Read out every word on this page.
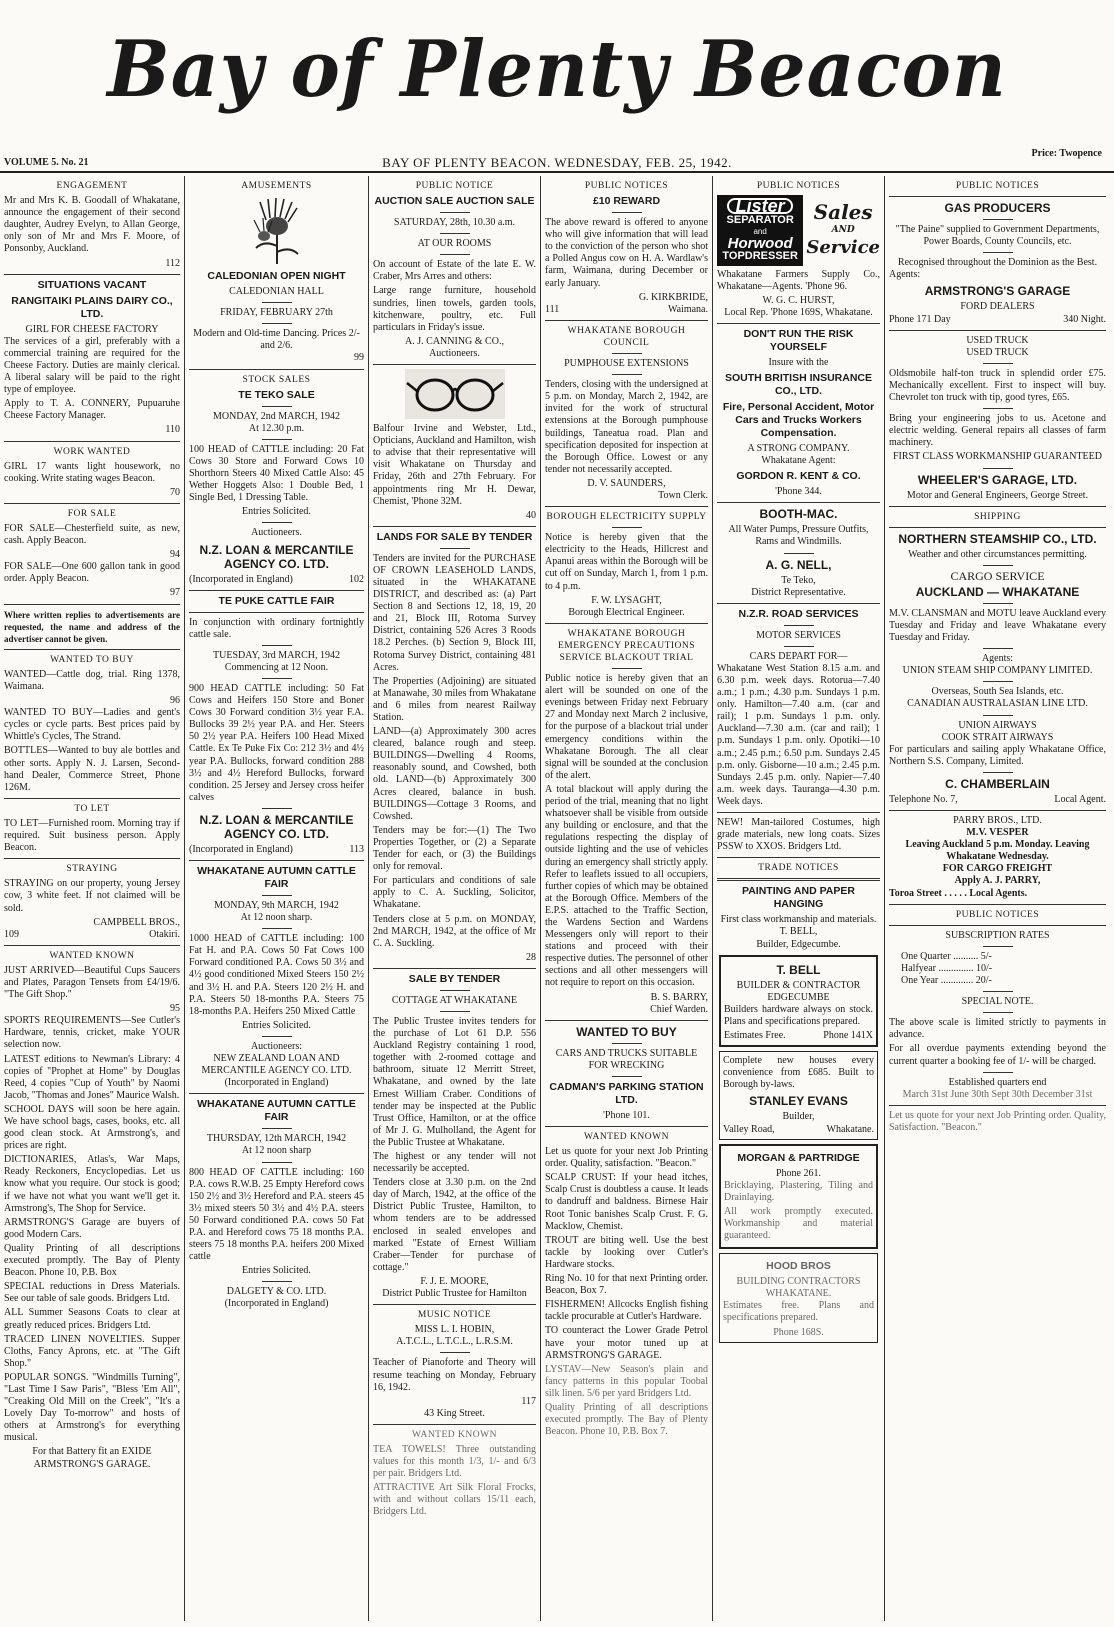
Bay of Plenty Beacon
Price: Twopence
VOLUME 5. No. 21	BAY OF PLENTY BEACON. WEDNESDAY, FEB. 25, 1942.
ENGAGEMENT
Mr and Mrs K. B. Goodall of Whakatane, announce the engagement of their second daughter, Audrey Evelyn, to Allan George, only son of Mr and Mrs F. Moore, of Ponsonby, Auckland.
112
SITUATIONS VACANT
RANGITAIKI PLAINS DAIRY CO., LTD.
GIRL FOR CHEESE FACTORY
The services of a girl, preferably with a commercial training are required for the Cheese Factory. Duties are mainly clerical. A liberal salary will be paid to the right type of employee.
Apply to T. A. CONNERY, Pupuaruhe Cheese Factory Manager.
110
WORK WANTED
GIRL 17 wants light housework, no cooking. Write stating wages Beacon.
70
FOR SALE
FOR SALE—Chesterfield suite, as new, cash. Apply Beacon.
94
FOR SALE—One 600 gallon tank in good order. Apply Beacon.
97
Where written replies to advertisements are requested, the name and address of the advertiser cannot be given.
WANTED TO BUY
WANTED—Cattle dog, trial. Ring 1378, Waimana.
96
WANTED TO BUY—Ladies and gent's cycles or cycle parts. Best prices paid by Whittle's Cycles, The Strand.
BOTTLES—Wanted to buy ale bottles and other sorts. Apply N. J. Larsen, Second-hand Dealer, Commerce Street, Phone 126M.
TO LET
TO LET—Furnished room. Morning tray if required. Suit business person. Apply Beacon.
STRAYING
STRAYING on our property, young Jersey cow, 3 white feet. If not claimed will be sold.
CAMPBELL BROS.,
109	Otakiri.
WANTED KNOWN
JUST ARRIVED—Beautiful Cups Saucers and Plates, Paragon Tensets from £4/19/6. "The Gift Shop."
95
SPORTS REQUIREMENTS—See Cutler's Hardware, tennis, cricket, make YOUR selection now.
LATEST editions to Newman's Library: 4 copies of "Prophet at Home" by Douglas Reed, 4 copies "Cup of Youth" by Naomi Jacob, "Thomas and Jones" Maurice Walsh.
SCHOOL DAYS will soon be here again. We have school bags, cases, books, etc. all good clean stock. At Armstrong's, and prices are right.
DICTIONARIES, Atlas's, War Maps, Ready Reckoners, Encyclopedias. Let us know what you require. Our stock is good; if we have not what you want we'll get it. Armstrong's, The Shop for Service.
ARMSTRONG'S Garage are buyers of good Modern Cars.
Quality Printing of all descriptions executed promptly. The Bay of Plenty Beacon. Phone 10, P.B. Box
SPECIAL reductions in Dress Materials. See our table of sale goods. Bridgers Ltd.
ALL Summer Seasons Coats to clear at greatly reduced prices. Bridgers Ltd.
TRACED LINEN NOVELTIES. Supper Cloths, Fancy Aprons, etc. at "The Gift Shop."
POPULAR SONGS. "Windmills Turning", "Last Time I Saw Paris", "Bless 'Em All", "Creaking Old Mill on the Creek", "It's a Lovely Day To-morrow" and hosts of others at Armstrong's for everything musical.
For that Battery fit an EXIDE ARMSTRONG'S GARAGE.
AMUSEMENTS
CALEDONIAN OPEN NIGHT
CALEDONIAN HALL
FRIDAY, FEBRUARY 27th
Modern and Old-time Dancing. Prices 2/- and 2/6.
99
STOCK SALES
TE TEKO SALE
MONDAY, 2nd MARCH, 1942
At 12.30 p.m.
100 HEAD of CATTLE including: 20 Fat Cows 30 Store and Forward Cows 10 Shorthorn Steers 40 Mixed Cattle Also: 45 Wether Hoggets Also: 1 Double Bed, 1 Single Bed, 1 Dressing Table.
Entries Solicited.
Auctioneers.
N.Z. LOAN & MERCANTILE AGENCY CO. LTD.
(Incorporated in England)	102
TE PUKE CATTLE FAIR
In conjunction with ordinary fortnightly cattle sale.
TUESDAY, 3rd MARCH, 1942
Commencing at 12 Noon.
900 HEAD CATTLE including: 50 Fat Cows and Heifers 150 Store and Boner Cows 30 Forward condition 3½ year F.A. Bullocks 39 2½ year P.A. and Her. Steers 50 2½ year P.A. Heifers 100 Head Mixed Cattle. Ex Te Puke Fix Co: 212 3½ and 4½ year P.A. Bullocks, forward condition 288 3½ and 4½ Hereford Bullocks, forward condition. 25 Jersey and Jersey cross heifer calves
N.Z. LOAN & MERCANTILE AGENCY CO. LTD.
(Incorporated in England)	113
WHAKATANE AUTUMN CATTLE FAIR
MONDAY, 9th MARCH, 1942
At 12 noon sharp.
1000 HEAD of CATTLE including: 100 Fat H. and P.A. Cows 50 Fat Cows 100 Forward conditioned P.A. Cows 50 3½ and 4½ good conditioned Mixed Steers 150 2½ and 3½ H. and P.A. Steers 120 2½ H. and P.A. Steers 50 18-months P.A. Steers 75 18-months P.A. Heifers 250 Mixed Cattle
Entries Solicited.
Auctioneers:
NEW ZEALAND LOAN AND MERCANTILE AGENCY CO. LTD.
(Incorporated in England)
WHAKATANE AUTUMN CATTLE FAIR
THURSDAY, 12th MARCH, 1942
At 12 noon sharp
800 HEAD OF CATTLE including: 160 P.A. cows R.W.B. 25 Empty Hereford cows 150 2½ and 3½ Hereford and P.A. steers 45 3½ mixed steers 50 3½ and 4½ P.A. steers 50 Forward conditioned P.A. cows 50 Fat P.A. and Hereford cows 75 18 months P.A. steers 75 18 months P.A. heifers 200 Mixed cattle
Entries Solicited.
DALGETY & CO. LTD.
(Incorporated in England)
PUBLIC NOTICE
AUCTION SALE AUCTION SALE
SATURDAY, 28th, 10.30 a.m.
AT OUR ROOMS
On account of Estate of the late E. W. Craber, Mrs Arres and others:
Large range furniture, household sundries, linen towels, garden tools, kitchenware, poultry, etc. Full particulars in Friday's issue.
A. J. CANNING & CO.,
Auctioneers.
Balfour Irvine and Webster, Ltd., Opticians, Auckland and Hamilton, wish to advise that their representative will visit Whakatane on Thursday and Friday, 26th and 27th February. For appointments ring Mr H. Dewar, Chemist, 'Phone 32M.
40
LANDS FOR SALE BY TENDER
Tenders are invited for the PURCHASE OF CROWN LEASEHOLD LANDS, situated in the WHAKATANE DISTRICT, and described as: (a) Part Section 8 and Sections 12, 18, 19, 20 and 21, Block III, Rotoma Survey District, containing 526 Acres 3 Roods 18.2 Perches. (b) Section 9, Block III, Rotoma Survey District, containing 481 Acres.
The Properties (Adjoining) are situated at Manawahe, 30 miles from Whakatane and 6 miles from nearest Railway Station.
LAND—(a) Approximately 300 acres cleared, balance rough and steep. BUILDINGS—Dwelling 4 Rooms, reasonably sound, and Cowshed, both old. LAND—(b) Approximately 300 Acres cleared, balance in bush. BUILDINGS—Cottage 3 Rooms, and Cowshed.
Tenders may be for:—(1) The Two Properties Together, or (2) a Separate Tender for each, or (3) the Buildings only for removal.
For particulars and conditions of sale apply to C. A. Suckling, Solicitor, Whakatane.
Tenders close at 5 p.m. on MONDAY, 2nd MARCH, 1942, at the office of Mr C. A. Suckling.
28
SALE BY TENDER
COTTAGE AT WHAKATANE
The Public Trustee invites tenders for the purchase of Lot 61 D.P. 556 Auckland Registry containing 1 rood, together with 2-roomed cottage and bathroom, situate 12 Merritt Street, Whakatane, and owned by the late Ernest William Craber. Conditions of tender may be inspected at the Public Trust Office, Hamilton, or at the office of Mr J. G. Mulholland, the Agent for the Public Trustee at Whakatane.
The highest or any tender will not necessarily be accepted.
Tenders close at 3.30 p.m. on the 2nd day of March, 1942, at the office of the District Public Trustee, Hamilton, to whom tenders are to be addressed enclosed in sealed envelopes and marked "Estate of Ernest William Craber—Tender for purchase of cottage."
F. J. E. MOORE,
District Public Trustee for Hamilton
MUSIC NOTICE
MISS L. I. HOBIN,
A.T.C.L., L.T.C.L., L.R.S.M.
Teacher of Pianoforte and Theory will resume teaching on Monday, February 16, 1942.
117
43 King Street.
WANTED KNOWN
TEA TOWELS! Three outstanding values for this month 1/3, 1/- and 6/3 per pair. Bridgers Ltd.
ATTRACTIVE Art Silk Floral Frocks, with and without collars 15/11 each, Bridgers Ltd.
PUBLIC NOTICES
£10 REWARD
The above reward is offered to anyone who will give information that will lead to the conviction of the person who shot a Polled Angus cow on H. A. Wardlaw's farm, Waimana, during December or early January.
G. KIRKBRIDE,
111	Waimana.
WHAKATANE BOROUGH COUNCIL
PUMPHOUSE EXTENSIONS
Tenders, closing with the undersigned at 5 p.m. on Monday, March 2, 1942, are invited for the work of structural extensions at the Borough pumphouse buildings, Taneatua road. Plan and specification deposited for inspection at the Borough Office. Lowest or any tender not necessarily accepted.
D. V. SAUNDERS,
Town Clerk.
BOROUGH ELECTRICITY SUPPLY
Notice is hereby given that the electricity to the Heads, Hillcrest and Apanui areas within the Borough will be cut off on Sunday, March 1, from 1 p.m. to 4 p.m.
F. W. LYSAGHT,
Borough Electrical Engineer.
WHAKATANE BOROUGH EMERGENCY PRECAUTIONS SERVICE BLACKOUT TRIAL
Public notice is hereby given that an alert will be sounded on one of the evenings between Friday next February 27 and Monday next March 2 inclusive, for the purpose of a blackout trial under emergency conditions within the Whakatane Borough. The all clear signal will be sounded at the conclusion of the alert.
A total blackout will apply during the period of the trial, meaning that no light whatsoever shall be visible from outside any building or enclosure, and that the regulations respecting the display of outside lighting and the use of vehicles during an emergency shall strictly apply. Refer to leaflets issued to all occupiers, further copies of which may be obtained at the Borough Office. Members of the E.P.S. attached to the Traffic Section, the Wardens Section and Wardens Messengers only will report to their stations and proceed with their respective duties. The personnel of other sections and all other messengers will not require to report on this occasion.
B. S. BARRY,
Chief Warden.
WANTED TO BUY
CARS AND TRUCKS SUITABLE FOR WRECKING
CADMAN'S PARKING STATION LTD.
'Phone 101.
WANTED KNOWN
Let us quote for your next Job Printing order. Quality, satisfaction. "Beacon."
SCALP CRUST: If your head itches, Scalp Crust is doubtless a cause. It leads to dandruff and baldness. Birnese Hair Root Tonic banishes Scalp Crust. F. G. Macklow, Chemist.
TROUT are biting well. Use the best tackle by looking over Cutler's Hardware stocks.
Ring No. 10 for that next Printing order. Beacon, Box 7.
FISHERMEN! Allcocks English fishing tackle procurable at Cutler's Hardware.
TO counteract the Lower Grade Petrol have your motor tuned up at ARMSTRONG'S GARAGE.
LYSTAV—New Season's plain and fancy patterns in this popular Toobal silk linen. 5/6 per yard Bridgers Ltd.
Quality Printing of all descriptions executed promptly. The Bay of Plenty Beacon. Phone 10, P.B. Box 7.
PUBLIC NOTICES
Lister
SEPARATOR
and
Horwood
TOPDRESSER
Sales
AND
Service
Whakatane Farmers Supply Co., Whakatane—Agents. 'Phone 96.
W. G. C. HURST,
Local Rep. 'Phone 169S, Whakatane.
DON'T RUN THE RISK YOURSELF
Insure with the
SOUTH BRITISH INSURANCE CO., LTD.
Fire, Personal Accident, Motor Cars and Trucks Workers Compensation.
A STRONG COMPANY.
Whakatane Agent:
GORDON R. KENT & CO.
'Phone 344.
BOOTH-MAC.
All Water Pumps, Pressure Outfits, Rams and Windmills.
A. G. NELL,
Te Teko,
District Representative.
N.Z.R. ROAD SERVICES
MOTOR SERVICES
CARS DEPART FOR—
Whakatane West Station 8.15 a.m. and 6.30 p.m. week days. Rotorua—7.40 a.m.; 1 p.m.; 4.30 p.m. Sundays 1 p.m. only. Hamilton—7.40 a.m. (car and rail); 1 p.m. Sundays 1 p.m. only. Auckland—7.30 a.m. (car and rail); 1 p.m. Sundays 1 p.m. only. Opotiki—10 a.m.; 2.45 p.m.; 6.50 p.m. Sundays 2.45 p.m. only. Gisborne—10 a.m.; 2.45 p.m. Sundays 2.45 p.m. only. Napier—7.40 a.m. week days. Tauranga—4.30 p.m. Week days.
NEW! Man-tailored Costumes, high grade materials, new long coats. Sizes PSSW to XXOS. Bridgers Ltd.
TRADE NOTICES
PAINTING AND PAPER HANGING
First class workmanship and materials.
T. BELL,
Builder, Edgecumbe.
T. BELL
BUILDER & CONTRACTOR
EDGECUMBE
Builders hardware always on stock. Plans and specifications prepared.
Estimates Free.	Phone 141X
Complete new houses every convenience from £685. Built to Borough by-laws.
STANLEY EVANS
Builder,
Valley Road,	Whakatane.
MORGAN & PARTRIDGE
Phone 261.
Bricklaying, Plastering, Tiling and Drainlaying.
All work promptly executed. Workmanship and material guaranteed.
HOOD BROS
BUILDING CONTRACTORS
WHAKATANE.
Estimates free. Plans and specifications prepared.
Phone 168S.
PUBLIC NOTICES
GAS PRODUCERS
"The Paine" supplied to Government Departments, Power Boards, County Councils, etc.
Recognised throughout the Dominion as the Best.
Agents:
ARMSTRONG'S GARAGE
FORD DEALERS
Phone 171 Day	340 Night.
USED TRUCK
USED TRUCK
Oldsmobile half-ton truck in splendid order £75. Mechanically excellent. First to inspect will buy. Chevrolet ton truck with tip, good tyres, £65.
Bring your engineering jobs to us. Acetone and electric welding. General repairs all classes of farm machinery.
FIRST CLASS WORKMANSHIP GUARANTEED
WHEELER'S GARAGE, LTD.
Motor and General Engineers, George Street.
SHIPPING
NORTHERN STEAMSHIP CO., LTD.
Weather and other circumstances permitting.
CARGO SERVICE
AUCKLAND — WHAKATANE
M.V. CLANSMAN and MOTU leave Auckland every Tuesday and Friday and leave Whakatane every Tuesday and Friday.
Agents:
UNION STEAM SHIP COMPANY LIMITED.
Overseas, South Sea Islands, etc.
CANADIAN AUSTRALASIAN LINE LTD.
UNION AIRWAYS
COOK STRAIT AIRWAYS
For particulars and sailing apply Whakatane Office, Northern S.S. Company, Limited.
C. CHAMBERLAIN
Telephone No. 7,	Local Agent.
PARRY BROS., LTD.
M.V. VESPER
Leaving Auckland 5 p.m. Monday. Leaving Whakatane Wednesday.
FOR CARGO FREIGHT
Apply A. J. PARRY,
Toroa Street . . . . . Local Agents.
PUBLIC NOTICES
SUBSCRIPTION RATES
One Quarter .......... 5/-
Halfyear .............. 10/-
One Year ............. 20/-
SPECIAL NOTE.
The above scale is limited strictly to payments in advance.
For all overdue payments extending beyond the current quarter a booking fee of 1/- will be charged.
Established quarters end
March 31st June 30th Sept 30th December 31st
Let us quote for your next Job Printing order. Quality, Satisfaction. "Beacon."
